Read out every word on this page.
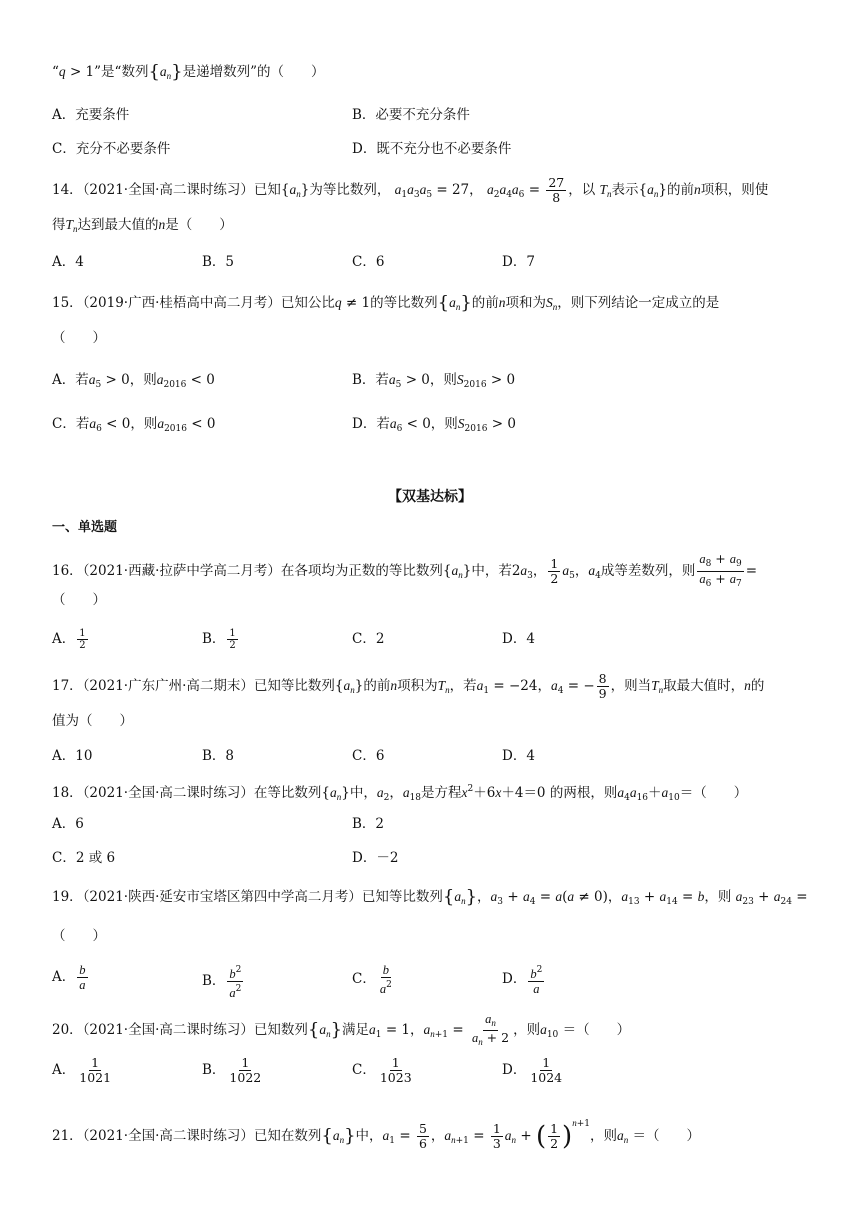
“q > 1”是“数列$\{a_n\}$是递增数列”的（　　）
A．充要条件	B．必要不充分条件
C．充分不必要条件	D．既不充分也不必要条件
14．（2021·全国·高二课时练习）已知$\{a_n\}$为等比数列， $a_1a_3a_5 = 27$， $a_2a_4a_6 = \frac{27}{8}$ ，以 $T_n$表示$\{a_n\}$的前n项积，则使
得$T_n$达到最大值的n是（　　）
A．4	B．5	C．6	D．7
15．（2019·广西·桂梧高中高二月考）已知公比q ≠ 1的等比数列$\{a_n\}$的前n项和为$S_n$，则下列结论一定成立的是
（　　）
A．若$a_5 > 0$，则$a_{2016} < 0$	B．若$a_5 > 0$，则$S_{2016} > 0$
C．若$a_6 < 0$，则$a_{2016} < 0$	D．若$a_6 < 0$，则$S_{2016} > 0$
【双基达标】
一、单选题
16．（2021·西藏·拉萨中学高二月考）在各项均为正数的等比数列$\{a_n\}$中，若$2a_3$， $\frac{1}{2} a_5$，$a_4$成等差数列，则 $\frac{a_8 + a_9}{a_6 + a_7}$ =
（　　）
A． $\frac{1}{2}$	B． $\frac{1}{2}$	C．2	D．4
17．（2021·广东广州·高二期末）已知等比数列$\{a_n\}$的前n项积为$T_n$，若$a_1 = -24$，$a_4$ = − $\frac{8}{9}$ ，则当$T_n$取最大值时，n的
值为（　　）
A．10	B．8	C．6	D．4
18．（2021·全国·高二课时练习）在等比数列$\{a_n\}$中，$a_2$，$a_{18}$是方程$x^2+6x+4=0$ 的两根，则$a_4a_{16}+a_{10}=$（　　）
A．6	B．2
C．2 或 6	D．－2
19．（2021·陕西·延安市宝塔区第四中学高二月考）已知等比数列$\{a_n\}$，$a_3 + a_4 = a(a \ne 0)$，$a_{13} + a_{14} = b$，则 $a_{23} + a_{24}$ =
（　　）
A． $\frac{b}{a}$	B． $\frac{b^2}{a^2}$	C． $\frac{b}{a^2}$	D． $\frac{b^2}{a}$
20．（2021·全国·高二课时练习）已知数列$\{a_n\}$满足$a_1 = 1$，$a_{n+1} = \frac{a_n}{a_n + 2}$ ，则$a_{10}$ ＝（　　）
A． $\frac{1}{1021}$	B． $\frac{1}{1022}$	C． $\frac{1}{1023}$	D． $\frac{1}{1024}$
21．（2021·全国·高二课时练习）已知在数列$\{a_n\}$中，$a_1 = \frac{5}{6}$ ，$a_{n+1} = \frac{1}{3} a_n$ + ( $\frac{1}{2} )^{n+1}$，则$a_n$ ＝（　　）
